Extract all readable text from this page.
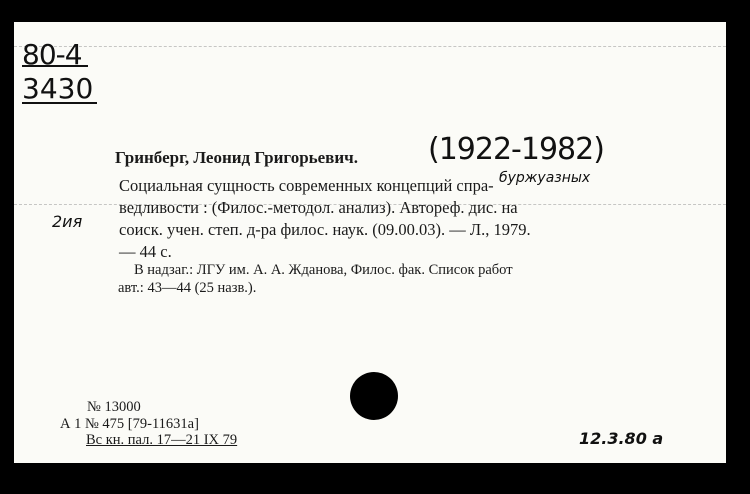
80-4
3430
(1922-1982)
буржуазных
2ия
Гринберг, Леонид Григорьевич.
Социальная сущность современных концепций спра-
ведливости : (Филос.-методол. анализ). Автореф. дис. на
соиск. учен. степ. д-ра филос. наук. (09.00.03). — Л., 1979.
— 44 с.
В надзаг.: ЛГУ им. А. А. Жданова, Филос. фак. Список работ
авт.: 43—44 (25 назв.).
№ 13000
А 1 № 475 [79-11631а]
Вс кн. пал. 17—21 IX 79	12.3.80 а
